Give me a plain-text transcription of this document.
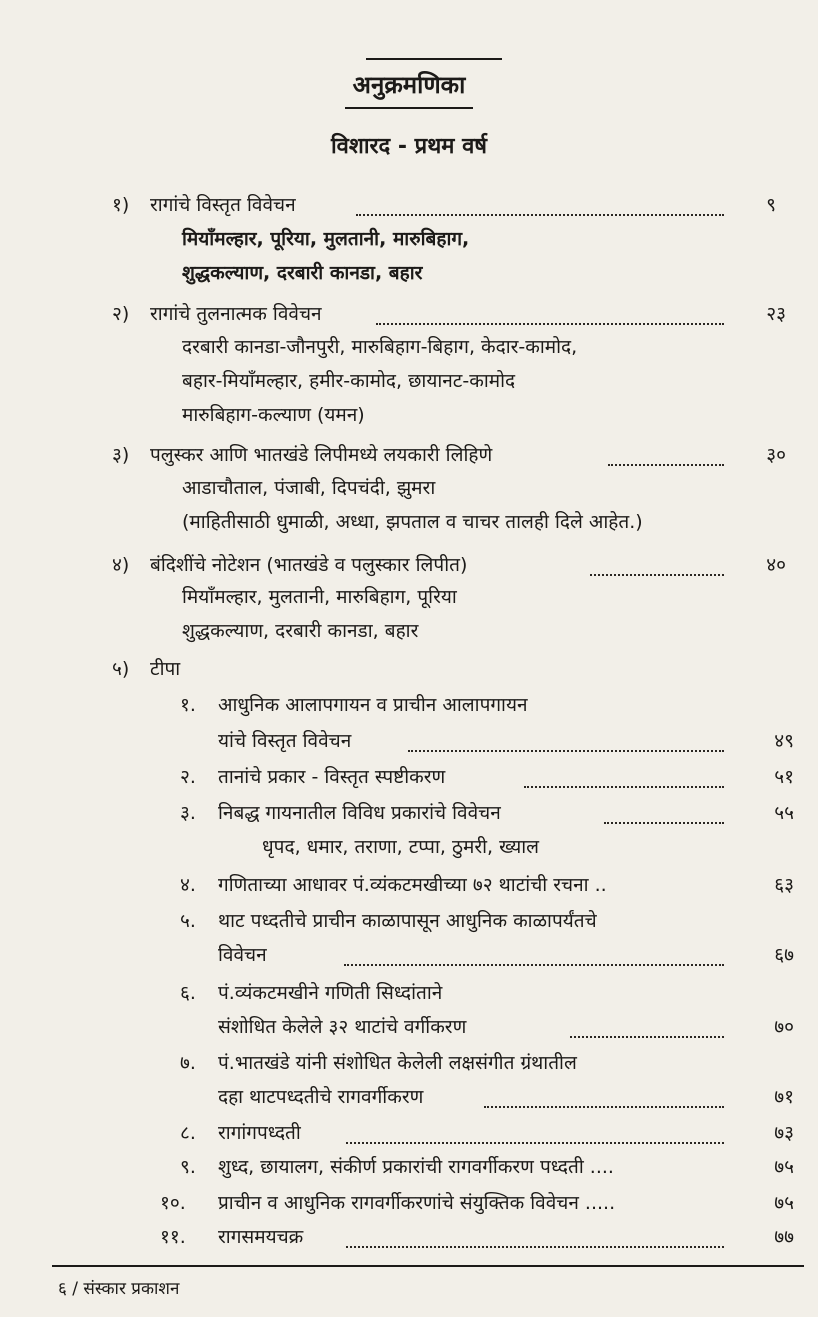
अनुक्रमणिका
विशारद - प्रथम वर्ष
१) रागांचे विस्तृत विवेचन	९
मियाँमल्हार, पूरिया, मुलतानी, मारुबिहाग,
शुद्धकल्याण, दरबारी कानडा, बहार
२) रागांचे तुलनात्मक विवेचन	२३
दरबारी कानडा-जौनपुरी, मारुबिहाग-बिहाग, केदार-कामोद,
बहार-मियाँमल्हार, हमीर-कामोद, छायानट-कामोद
मारुबिहाग-कल्याण (यमन)
३) पलुस्कर आणि भातखंडे लिपीमध्ये लयकारी लिहिणे	३०
आडाचौताल, पंजाबी, दिपचंदी, झुमरा
(माहितीसाठी धुमाळी, अध्धा, झपताल व चाचर तालही दिले आहेत.)
४) बंदिशींचे नोटेशन (भातखंडे व पलुस्कार लिपीत)	४०
मियाँमल्हार, मुलतानी, मारुबिहाग, पूरिया
शुद्धकल्याण, दरबारी कानडा, बहार
५) टीपा
१. आधुनिक आलापगायन व प्राचीन आलापगायन
यांचे विस्तृत विवेचन	४९
२. तानांचे प्रकार - विस्तृत स्पष्टीकरण	५१
३. निबद्ध गायनातील विविध प्रकारांचे विवेचन	५५
धृपद, धमार, तराणा, टप्पा, ठुमरी, ख्याल
४. गणिताच्या आधावर पं.व्यंकटमखीच्या ७२ थाटांची रचना ..	६३
५. थाट पध्दतीचे प्राचीन काळापासून आधुनिक काळापर्यंतचे
विवेचन	६७
६. पं.व्यंकटमखीने गणिती सिध्दांताने
संशोधित केलेले ३२ थाटांचे वर्गीकरण	७०
७. पं.भातखंडे यांनी संशोधित केलेली लक्षसंगीत ग्रंथातील
दहा थाटपध्दतीचे रागवर्गीकरण	७१
८. रागांगपध्दती	७३
९. शुध्द, छायालग, संकीर्ण प्रकारांची रागवर्गीकरण पध्दती ....	७५
१०. प्राचीन व आधुनिक रागवर्गीकरणांचे संयुक्तिक विवेचन .....	७५
११. रागसमयचक्र	७७
६ / संस्कार प्रकाशन
